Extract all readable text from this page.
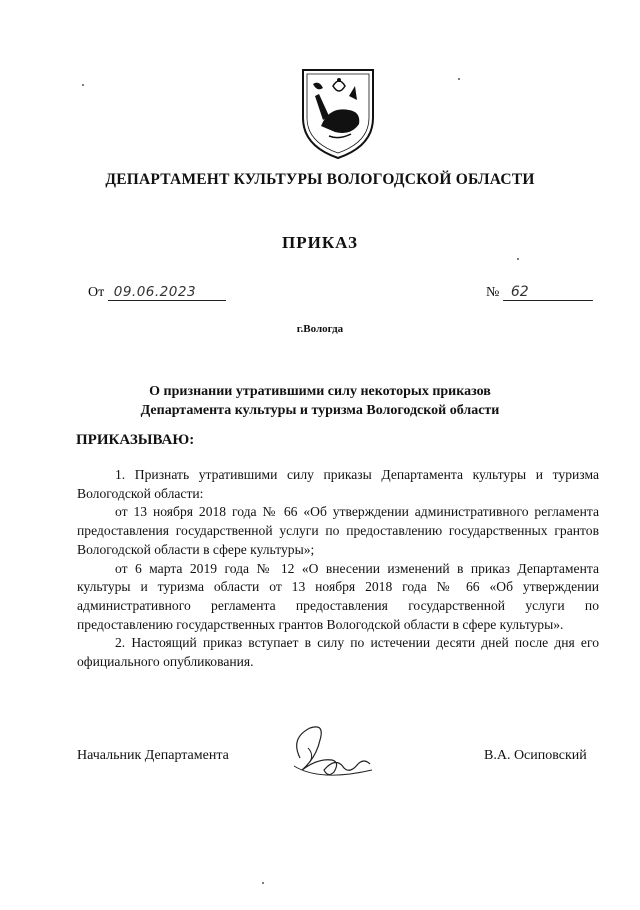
ДЕПАРТАМЕНТ КУЛЬТУРЫ ВОЛОГОДСКОЙ ОБЛАСТИ
ПРИКАЗ
От 09.06.2023	№ 62
г.Вологда
О признании утратившими силу некоторых приказов
Департамента культуры и туризма Вологодской области
ПРИКАЗЫВАЮ:

1. Признать утратившими силу приказы Департамента культуры и туризма Вологодской области:

от 13 ноября 2018 года № 66 «Об утверждении административного регламента предоставления государственной услуги по предоставлению государственных грантов Вологодской области в сфере культуры»;

от 6 марта 2019 года № 12 «О внесении изменений в приказ Департамента культуры и туризма области от 13 ноября 2018 года № 66 «Об утверждении административного регламента предоставления государственной услуги по предоставлению государственных грантов Вологодской области в сфере культуры».

2. Настоящий приказ вступает в силу по истечении десяти дней после дня его официального опубликования.

Начальник Департамента	В.А. Осиповский
